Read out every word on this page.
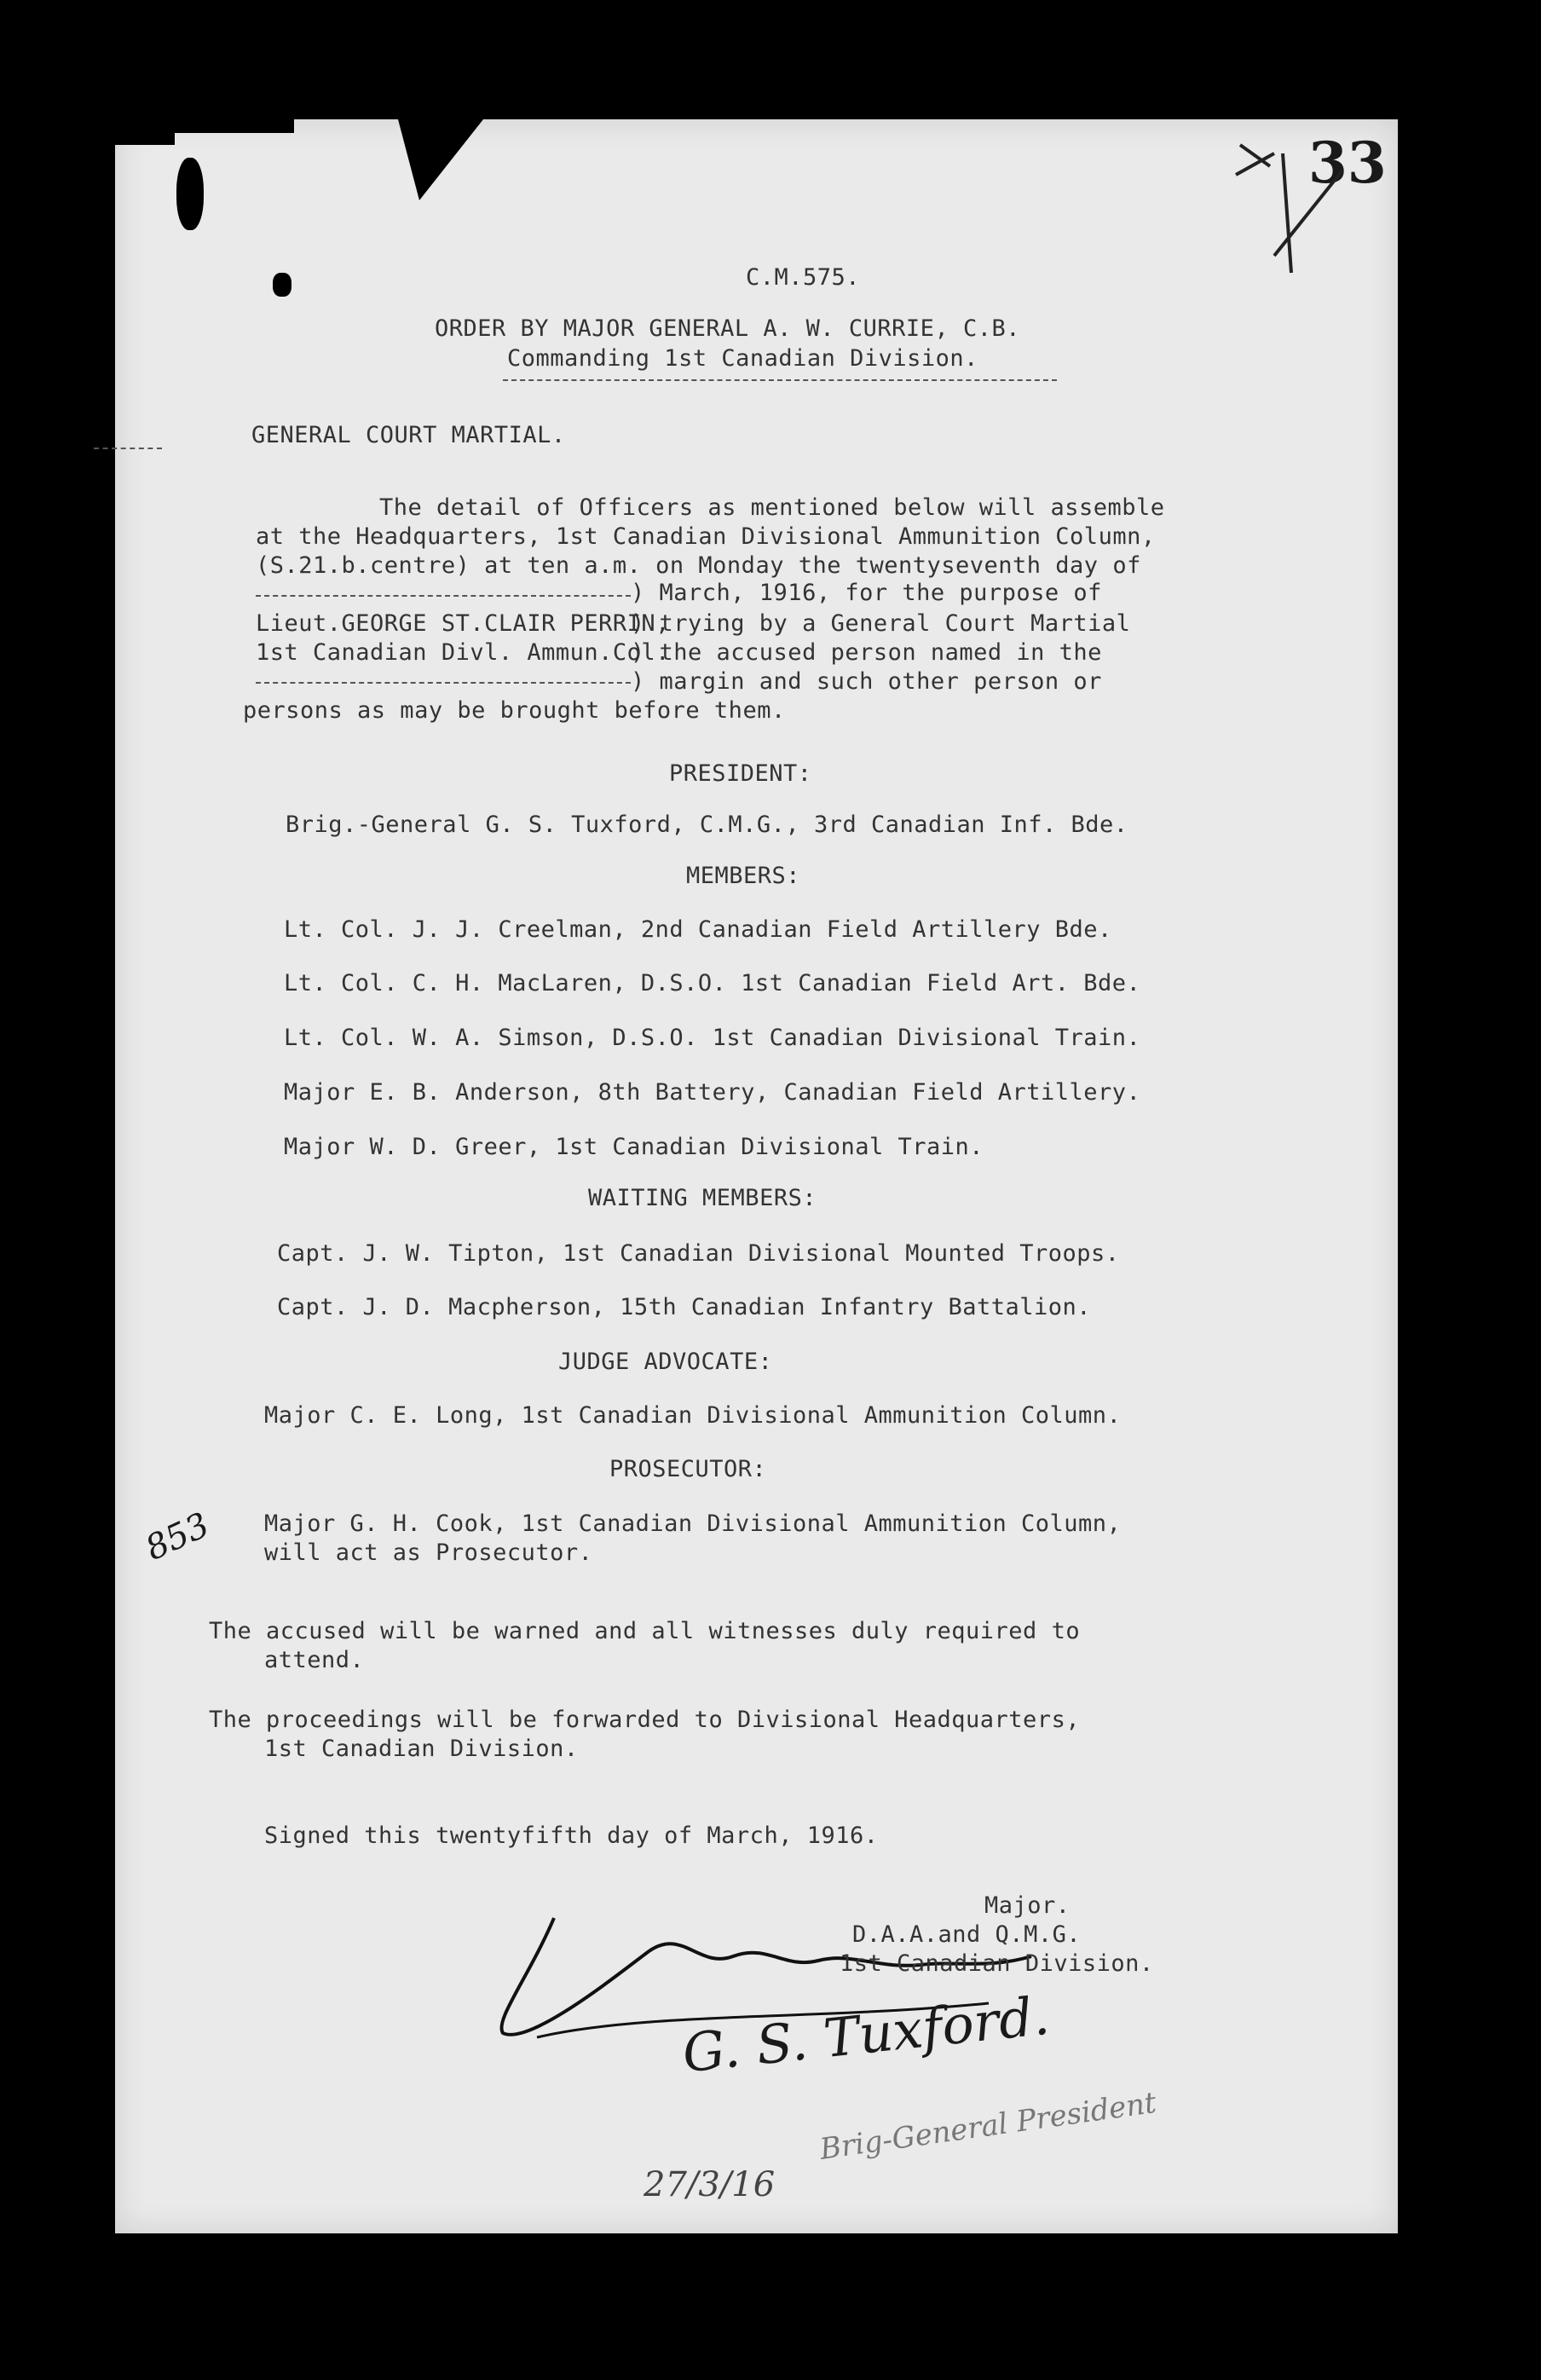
33
C.M.575.
ORDER BY MAJOR GENERAL A. W. CURRIE, C.B.
Commanding 1st Canadian Division.
GENERAL COURT MARTIAL.
The detail of Officers as mentioned below will assemble
at the Headquarters, 1st Canadian Divisional Ammunition Column,
(S.21.b.centre) at ten a.m. on Monday the twentyseventh day of
) March, 1916, for the purpose of
Lieut.GEORGE ST.CLAIR PERRIN,
) trying by a General Court Martial
1st Canadian Divl. Ammun.Col.
) the accused person named in the
) margin and such other person or
persons as may be brought before them.
PRESIDENT:
Brig.-General G. S. Tuxford, C.M.G., 3rd Canadian Inf. Bde.
MEMBERS:
Lt. Col. J. J. Creelman, 2nd Canadian Field Artillery Bde.
Lt. Col. C. H. MacLaren, D.S.O. 1st Canadian Field Art. Bde.
Lt. Col. W. A. Simson, D.S.O. 1st Canadian Divisional Train.
Major E. B. Anderson, 8th Battery, Canadian Field Artillery.
Major W. D. Greer, 1st Canadian Divisional Train.
WAITING MEMBERS:
Capt. J. W. Tipton, 1st Canadian Divisional Mounted Troops.
Capt. J. D. Macpherson, 15th Canadian Infantry Battalion.
JUDGE ADVOCATE:
Major C. E. Long, 1st Canadian Divisional Ammunition Column.
PROSECUTOR:
Major G. H. Cook, 1st Canadian Divisional Ammunition Column,
will act as Prosecutor.
853
The accused will be warned and all witnesses duly required to
attend.
The proceedings will be forwarded to Divisional Headquarters,
1st Canadian Division.
Signed this twentyfifth day of March, 1916.
Major.
D.A.A.and Q.M.G.
1st Canadian Division.
G. S. Tuxford.
Brig-General President
27/3/16
